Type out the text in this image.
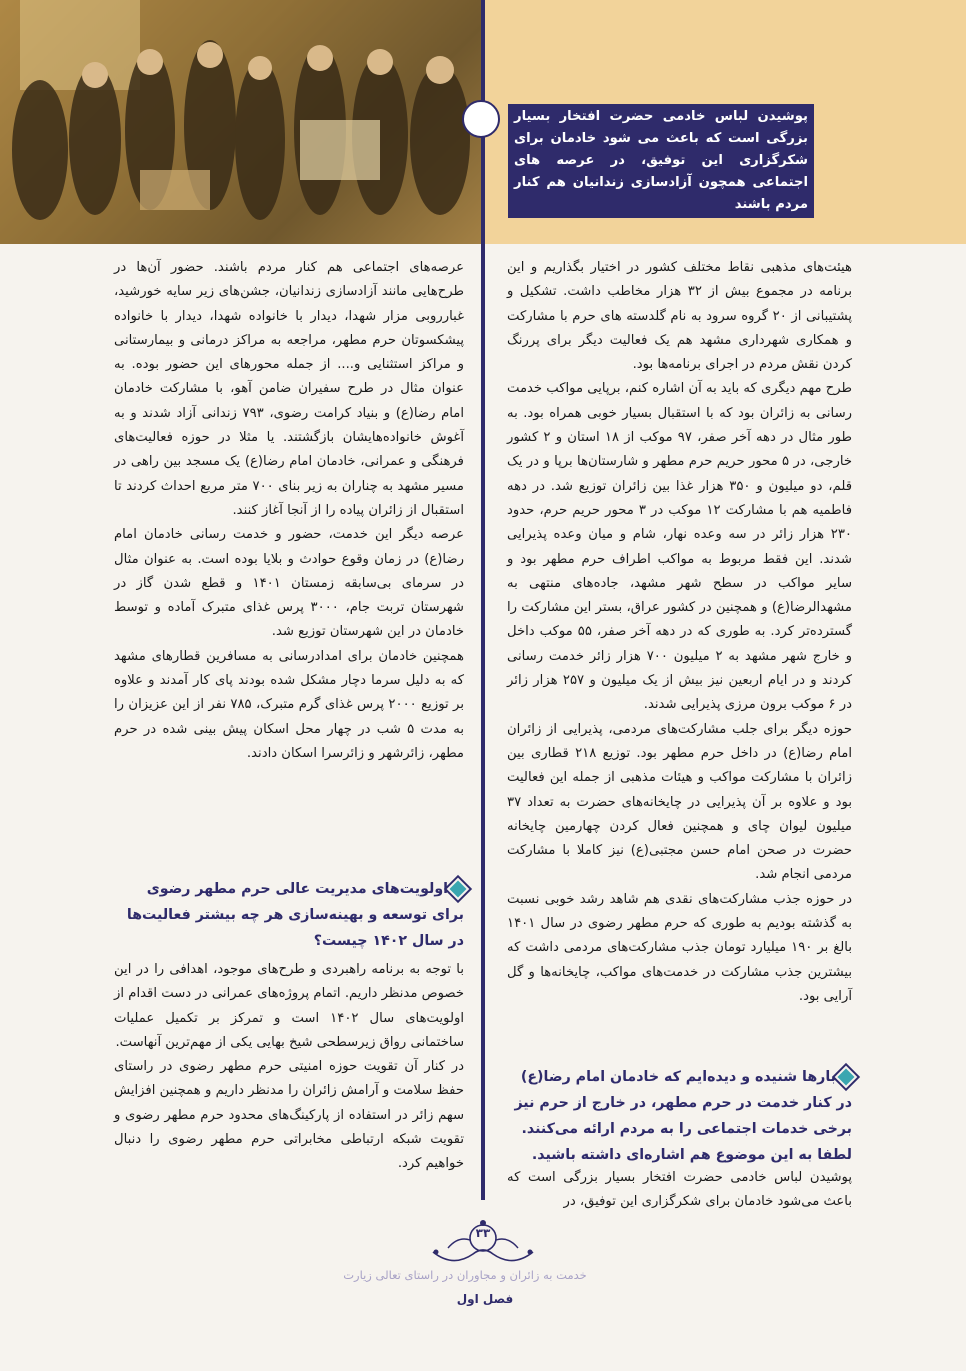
پوشیدن لباس خادمی حضرت افتخار بسیار بزرگی است که باعث می شود خادمان برای شکرگزاری این توفیق، در عرصه های اجتماعی همچون آزادسازی زندانیان هم کنار مردم باشند

هیئت‌های مذهبی نقاط مختلف کشور در اختیار بگذاریم و این برنامه در مجموع بیش از ۳۲ هزار مخاطب داشت. تشکیل و پشتیبانی از ۲۰ گروه سرود به نام گلدسته های حرم با مشارکت و همکاری شهرداری مشهد هم یک فعالیت دیگر برای پررنگ کردن نقش مردم در اجرای برنامه‌ها بود.

طرح مهم دیگری که باید به آن اشاره کنم، برپایی مواکب خدمت رسانی به زائران بود که با استقبال بسیار خوبی همراه بود. به طور مثال در دهه آخر صفر، ۹۷ موکب از ۱۸ استان و ۲ کشور خارجی، در ۵ محور حریم حرم مطهر و شارستان‌ها برپا و در یک قلم، دو میلیون و ۳۵۰ هزار غذا بین زائران توزیع شد. در دهه فاطمیه هم با مشارکت ۱۲ موکب در ۳ محور حریم حرم، حدود ۲۳۰ هزار زائر در سه وعده نهار، شام و میان وعده پذیرایی شدند. این فقط مربوط به مواکب اطراف حرم مطهر بود و سایر مواکب در سطح شهر مشهد، جاده‌های منتهی به مشهدالرضا(ع) و همچنین در کشور عراق، بستر این مشارکت را گسترده‌تر کرد. به طوری که در دهه آخر صفر، ۵۵ موکب داخل و خارج شهر مشهد به ۲ میلیون ۷۰۰ هزار زائر خدمت رسانی کردند و در ایام اربعین نیز بیش از یک میلیون و ۲۵۷ هزار زائر در ۶ موکب برون مرزی پذیرایی شدند.

حوزه دیگر برای جلب مشارکت‌های مردمی، پذیرایی از زائران امام رضا(ع) در داخل حرم مطهر بود. توزیع ۲۱۸ قطاری بین زائران با مشارکت مواکب و هیئات مذهبی از جمله این فعالیت بود و علاوه بر آن پذیرایی در چایخانه‌های حضرت به تعداد ۳۷ میلیون لیوان چای و همچنین فعال کردن چهارمین چایخانه حضرت در صحن امام حسن مجتبی(ع) نیز کاملا با مشارکت مردمی انجام شد.

در حوزه جذب مشارکت‌های نقدی هم شاهد رشد خوبی نسبت به گذشته بودیم به طوری که حرم مطهر رضوی در سال ۱۴۰۱ بالغ بر ۱۹۰ میلیارد تومان جذب مشارکت‌های مردمی داشت که بیشترین جذب مشارکت در خدمت‌های مواکب، چایخانه‌ها و گل آرایی بود.

بارها شنیده و دیده‌ایم که خادمان امام رضا(ع) در کنار خدمت در حرم مطهر، در خارج از حرم نیز برخی خدمات اجتماعی را به مردم ارائه می‌کنند. لطفا به این موضوع هم اشاره‌ای داشته باشید.

پوشیدن لباس خادمی حضرت افتخار بسیار بزرگی است که باعث می‌شود خادمان برای شکرگزاری این توفیق، در

عرصه‌های اجتماعی هم کنار مردم باشند. حضور آن‌ها در طرح‌هایی مانند آزادسازی زندانیان، جشن‌های زیر سایه خورشید، غبارروبی مزار شهدا، دیدار با خانواده شهدا، دیدار با خانواده پیشکسوتان حرم مطهر، مراجعه به مراکز درمانی و بیمارستانی و مراکز استثنایی و.... از جمله محورهای این حضور بوده. به عنوان مثال در طرح سفیران ضامن آهو، با مشارکت خادمان امام رضا(ع) و بنیاد کرامت رضوی، ۷۹۳ زندانی آزاد شدند و به آغوش خانواده‌هایشان بازگشتند. یا مثلا در حوزه فعالیت‌های فرهنگی و عمرانی، خادمان امام رضا(ع) یک مسجد بین راهی در مسیر مشهد به چناران به زیر بنای ۷۰۰ متر مربع احداث کردند تا استقبال از زائران پیاده را از آنجا آغاز کنند.

عرصه دیگر این خدمت، حضور و خدمت رسانی خادمان امام رضا(ع) در زمان وقوع حوادث و بلایا بوده است. به عنوان مثال در سرمای بی‌سابقه زمستان ۱۴۰۱ و قطع شدن گاز در شهرستان تربت جام، ۳۰۰۰ پرس غذای متبرک آماده و توسط خادمان در این شهرستان توزیع شد.

همچنین خادمان برای امدادرسانی به مسافرین قطارهای مشهد که به دلیل سرما دچار مشکل شده بودند پای کار آمدند و علاوه بر توزیع ۲۰۰۰ پرس غذای گرم متبرک، ۷۸۵ نفر از این عزیزان را به مدت ۵ شب در چهار محل اسکان پیش بینی شده در حرم مطهر، زائرشهر و زائرسرا اسکان دادند.

اولویت‌های مدیریت عالی حرم مطهر رضوی برای توسعه و بهینه‌سازی هر چه بیشتر فعالیت‌ها در سال ۱۴۰۲ چیست؟

با توجه به برنامه راهبردی و طرح‌های موجود، اهدافی را در این خصوص مدنظر داریم. اتمام پروژه‌های عمرانی در دست اقدام از اولویت‌های سال ۱۴۰۲ است و تمرکز بر تکمیل عملیات ساختمانی رواق زیرسطحی شیخ بهایی یکی از مهم‌ترین آنهاست.

در کنار آن تقویت حوزه امنیتی حرم مطهر رضوی در راستای حفظ سلامت و آرامش زائران را مدنظر داریم و همچنین افزایش سهم زائر در استفاده از پارکینگ‌های محدود حرم مطهر رضوی و تقویت شبکه ارتباطی مخابراتی حرم مطهر رضوی را دنبال خواهیم کرد.

۳۳
خدمت به زائران و مجاوران در راستای تعالی زیارت
فصل اول
